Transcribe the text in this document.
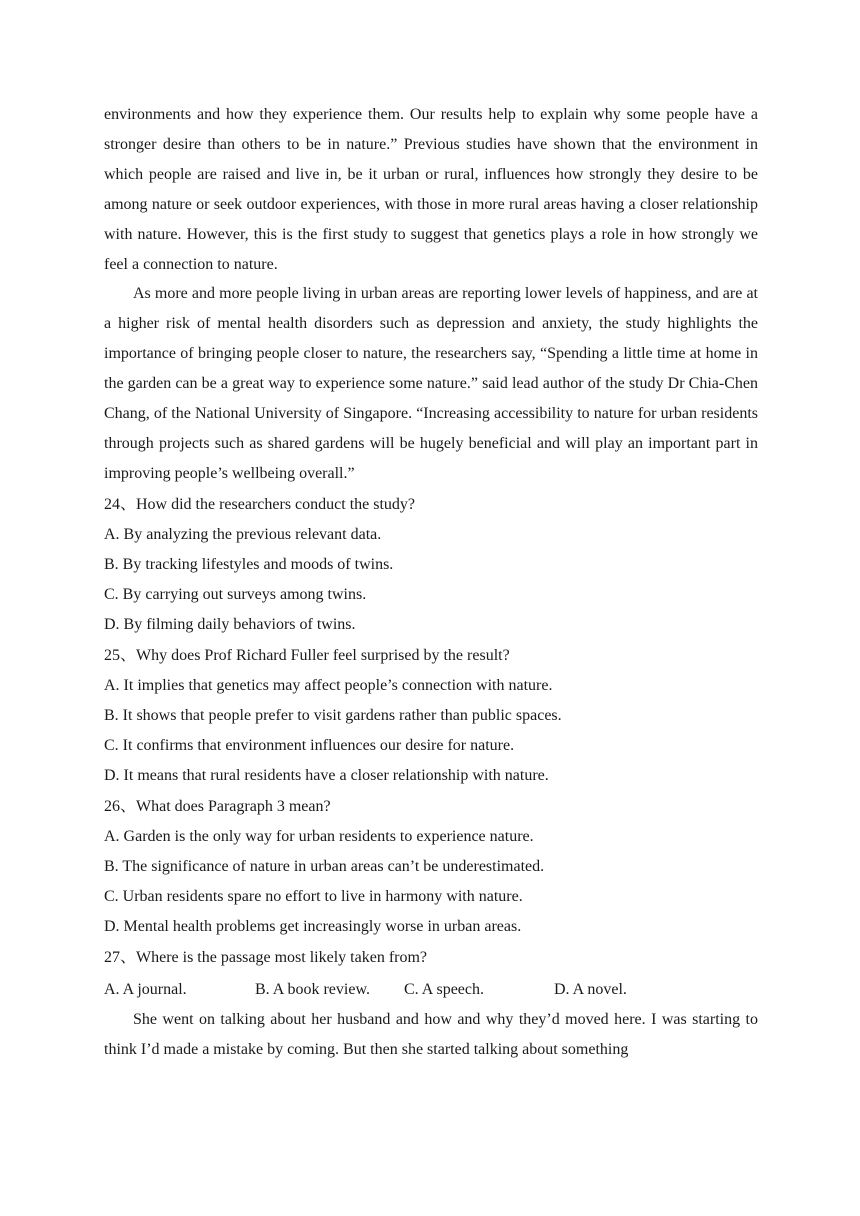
environments and how they experience them. Our results help to explain why some people have a stronger desire than others to be in nature.” Previous studies have shown that the environment in which people are raised and live in, be it urban or rural, influences how strongly they desire to be among nature or seek outdoor experiences, with those in more rural areas having a closer relationship with nature. However, this is the first study to suggest that genetics plays a role in how strongly we feel a connection to nature.

As more and more people living in urban areas are reporting lower levels of happiness, and are at a higher risk of mental health disorders such as depression and anxiety, the study highlights the importance of bringing people closer to nature, the researchers say, “Spending a little time at home in the garden can be a great way to experience some nature.” said lead author of the study Dr Chia-Chen Chang, of the National University of Singapore. “Increasing accessibility to nature for urban residents through projects such as shared gardens will be hugely beneficial and will play an important part in improving people’s wellbeing overall.”

24、How did the researchers conduct the study?

A. By analyzing the previous relevant data.

B. By tracking lifestyles and moods of twins.

C. By carrying out surveys among twins.

D. By filming daily behaviors of twins.

25、Why does Prof Richard Fuller feel surprised by the result?

A. It implies that genetics may affect people’s connection with nature.

B. It shows that people prefer to visit gardens rather than public spaces.

C. It confirms that environment influences our desire for nature.

D. It means that rural residents have a closer relationship with nature.

26、What does Paragraph 3 mean?

A. Garden is the only way for urban residents to experience nature.

B. The significance of nature in urban areas can’t be underestimated.

C. Urban residents spare no effort to live in harmony with nature.

D. Mental health problems get increasingly worse in urban areas.

27、Where is the passage most likely taken from?

A. A journal.	B. A book review.	C. A speech.	D. A novel.

She went on talking about her husband and how and why they’d moved here. I was starting to think I’d made a mistake by coming. But then she started talking about something
